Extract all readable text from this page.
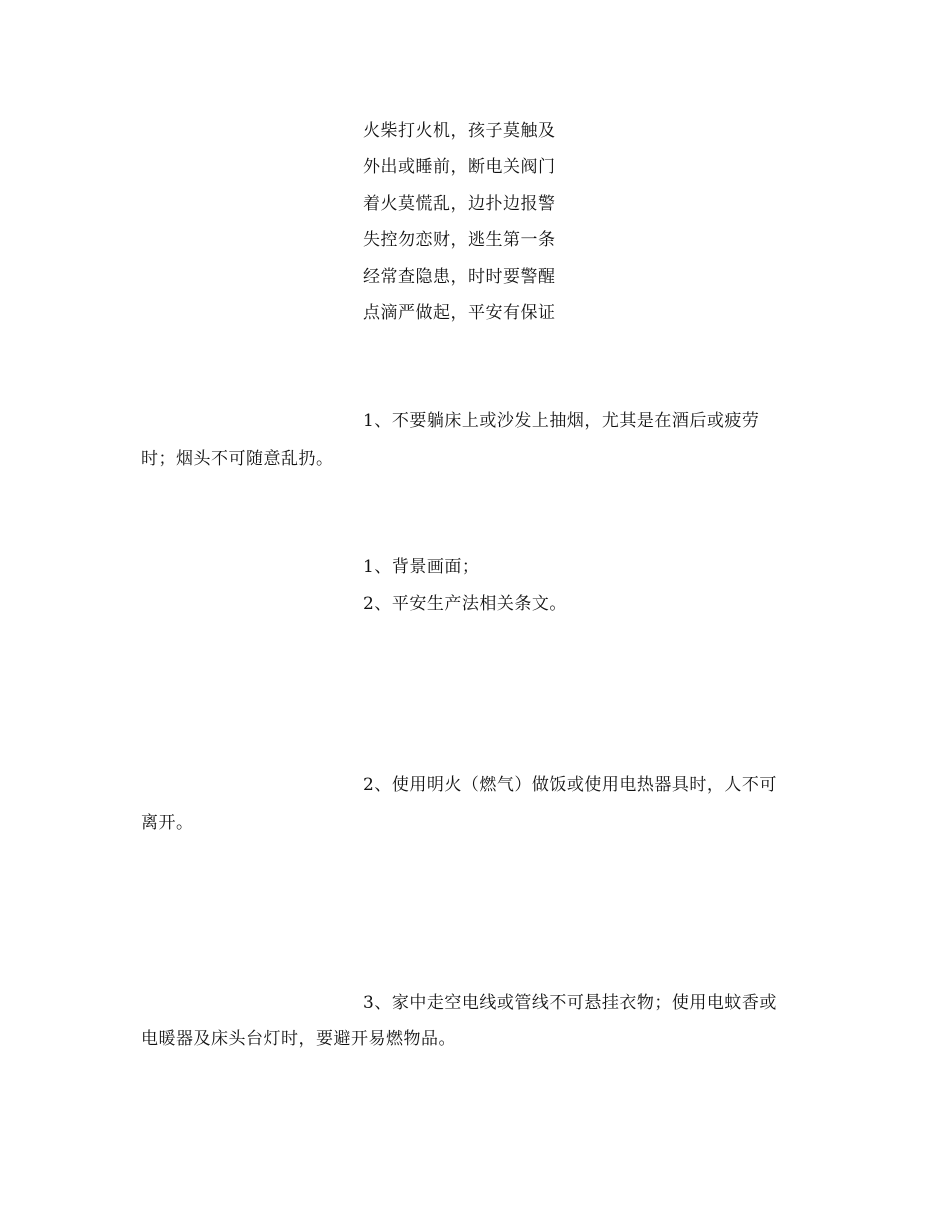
火柴打火机，孩子莫触及
外出或睡前，断电关阀门
着火莫慌乱，边扑边报警
失控勿恋财，逃生第一条
经常查隐患，时时要警醒
点滴严做起，平安有保证
1、不要躺床上或沙发上抽烟，尤其是在酒后或疲劳
时；烟头不可随意乱扔。
1、背景画面；
2、平安生产法相关条文。
2、使用明火（燃气）做饭或使用电热器具时，人不可
离开。
3、家中走空电线或管线不可悬挂衣物；使用电蚊香或
电暖器及床头台灯时，要避开易燃物品。
